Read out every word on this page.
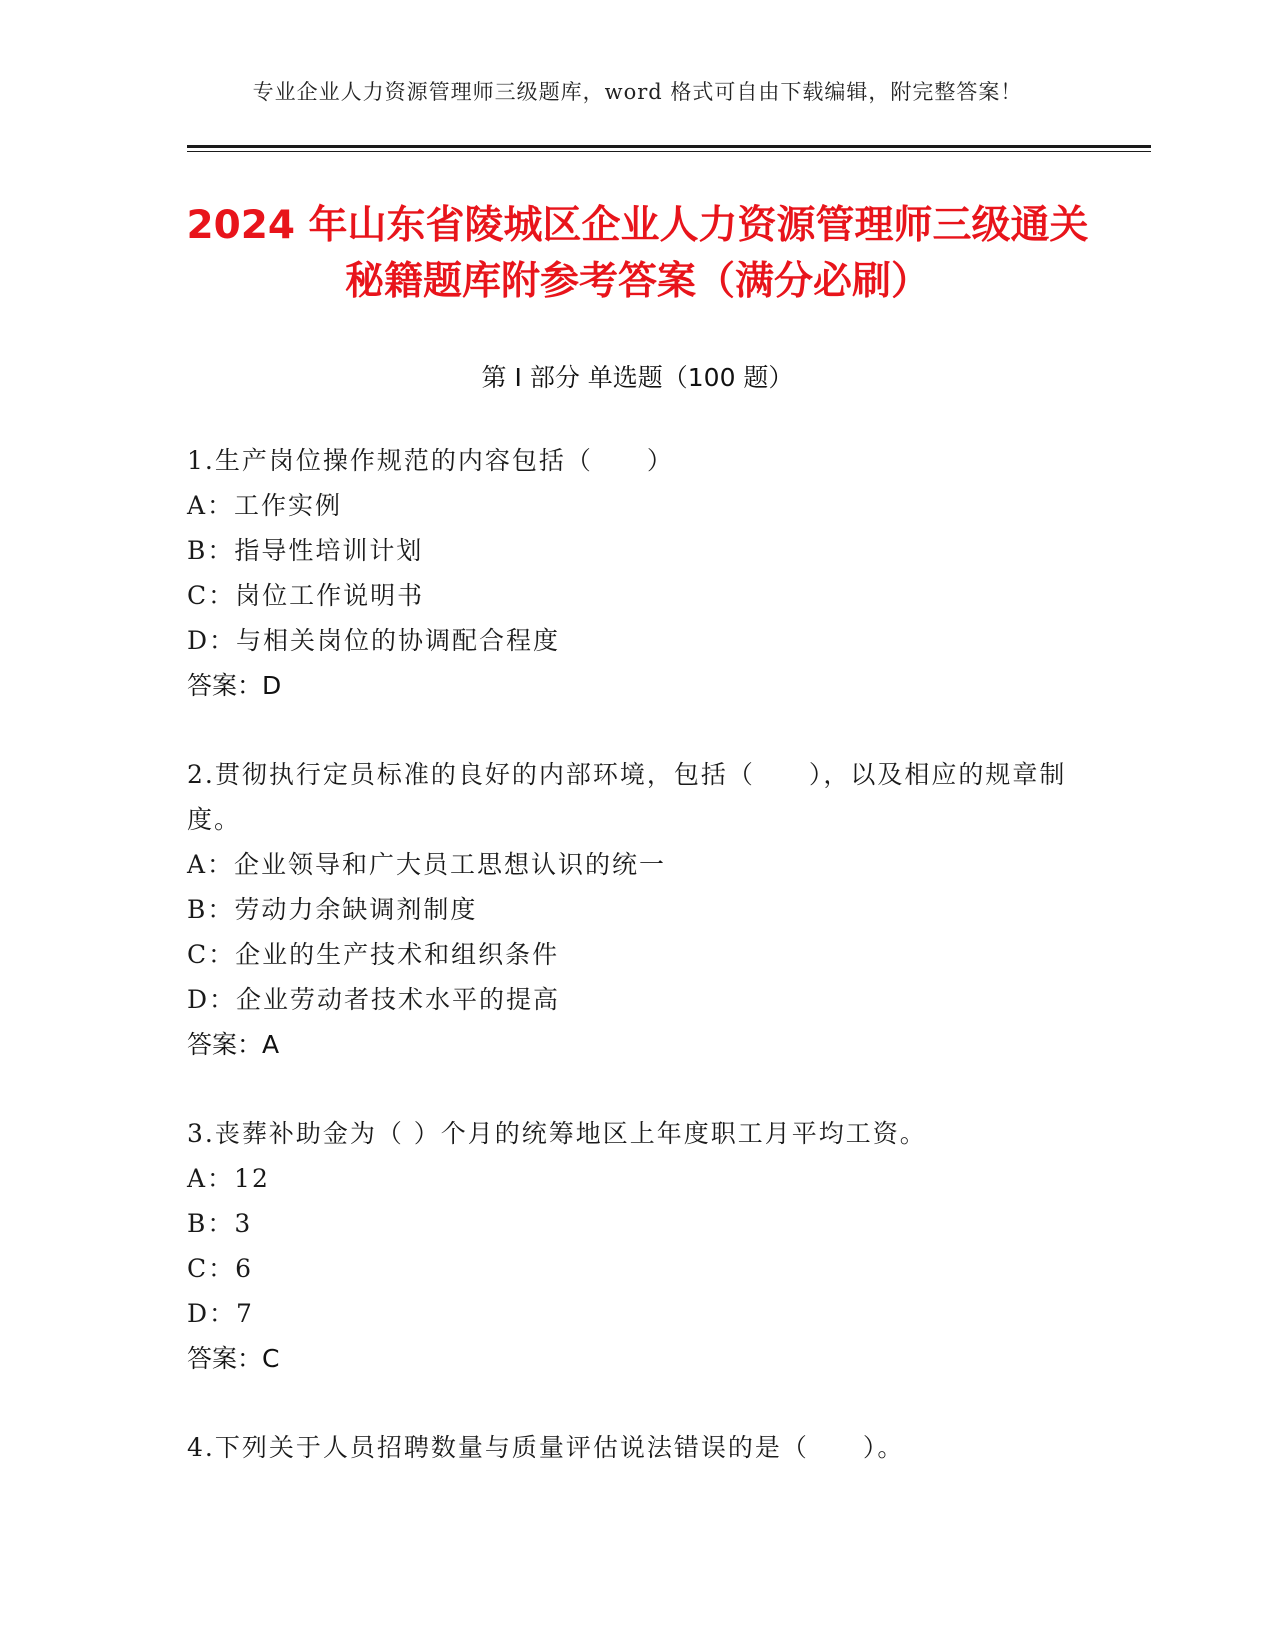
专业企业人力资源管理师三级题库，word 格式可自由下载编辑，附完整答案！
2024 年山东省陵城区企业人力资源管理师三级通关秘籍题库附参考答案（满分必刷）
第 I 部分 单选题（100 题）
1.生产岗位操作规范的内容包括（　　）
A：工作实例
B：指导性培训计划
C：岗位工作说明书
D：与相关岗位的协调配合程度
答案：D
2.贯彻执行定员标准的良好的内部环境，包括（　　），以及相应的规章制度。
A：企业领导和广大员工思想认识的统一
B：劳动力余缺调剂制度
C：企业的生产技术和组织条件
D：企业劳动者技术水平的提高
答案：A
3.丧葬补助金为（ ）个月的统筹地区上年度职工月平均工资。
A：12
B：3
C：6
D：7
答案：C
4.下列关于人员招聘数量与质量评估说法错误的是（　　）。
